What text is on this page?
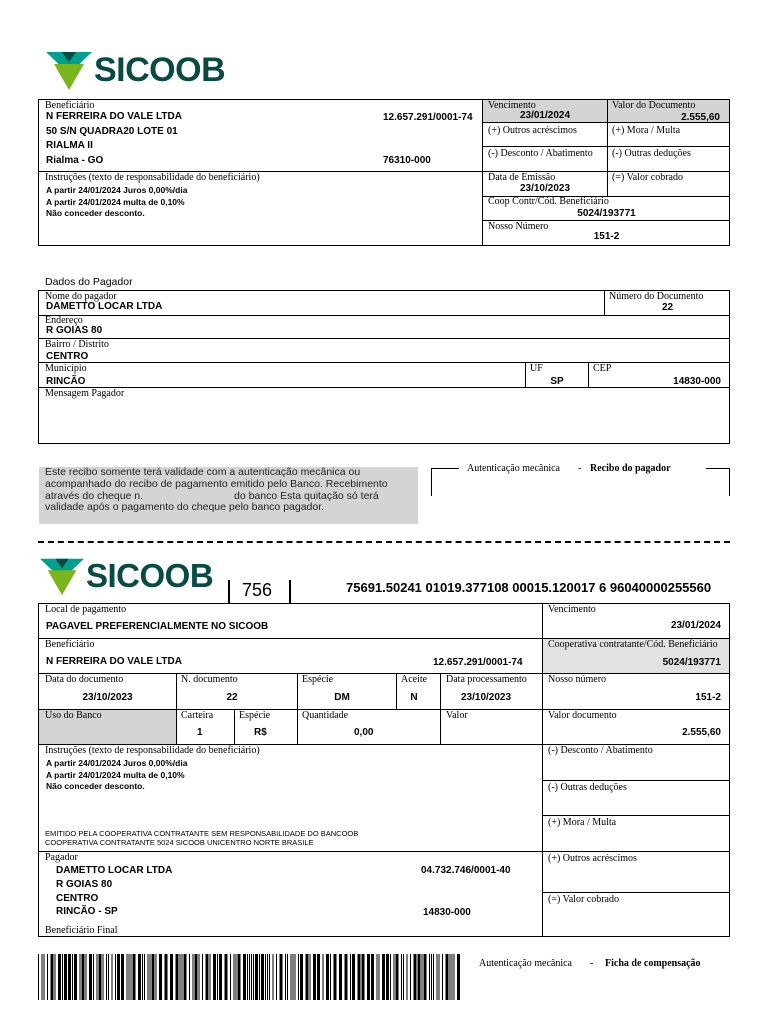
SICOOB
Beneficiário
N FERREIRA DO VALE LTDA	12.657.291/0001-74
50 S/N QUADRA20 LOTE 01
RIALMA II
Rialma - GO	76310-000
Vencimento
23/01/2024
Valor do Documento
2.555,60
(+) Outros acréscimos	(+) Mora / Multa
(-) Desconto / Abatimento (-) Outras deduções
Instruções (texto de responsabilidade do beneficiário)
A partir 24/01/2024 Juros 0,00%/dia
A partir 24/01/2024 multa de 0,10%
Não conceder desconto.
Data de Emissão
23/10/2023
(=) Valor cobrado
Coop Contr/Cód. Beneficiário
5024/193771
Nosso Número
151-2
Dados do Pagador
Nome do pagador
DAMETTO LOCAR LTDA
Número do Documento
22
Endereço
R GOIAS 80
Bairro / Distrito
CENTRO
Município
RINCÃO
UF
SP
CEP
14830-000
Mensagem Pagador
Este recibo somente terá validade com a autenticação mecânica ou
acompanhado do recibo de pagamento emitido pelo Banco. Recebimento
através do cheque n.	do banco Esta quitação só terá
validade após o pagamento do cheque pelo banco pagador.
Autenticação mecânica - Recibo do pagador
SICOOB 756	75691.50241 01019.377108 00015.120017 6 96040000255560
Local de pagamento
PAGAVEL PREFERENCIALMENTE NO SICOOB
Vencimento
23/01/2024
Beneficiário
N FERREIRA DO VALE LTDA	12.657.291/0001-74
Cooperativa contratante/Cód. Beneficiário
5024/193771
Data do documento
23/10/2023
N. documento
22
Espécie
DM
Aceite
N
Data processamento
23/10/2023
Nosso número
151-2
Uso do Banco	Carteira
1
Espécie
R$
Quantidade
0,00
Valor	Valor documento
2.555,60
Instruções (texto de responsabilidade do beneficiário)
A partir 24/01/2024 Juros 0,00%/dia
A partir 24/01/2024 multa de 0,10%
Não conceder desconto.
EMITIDO PELA COOPERATIVA CONTRATANTE SEM RESPONSABILIDADE DO BANCOOB
COOPERATIVA CONTRATANTE 5024 SICOOB UNICENTRO NORTE BRASILE
(-) Desconto / Abatimento
(-) Outras deduções
(+) Mora / Multa
(+) Outros acréscimos
(=) Valor cobrado
Pagador
DAMETTO LOCAR LTDA	04.732.746/0001-40
R GOIAS 80
CENTRO
RINCÃO - SP	14830-000
Beneficiário Final
Autenticação mecânica - Ficha de compensação
